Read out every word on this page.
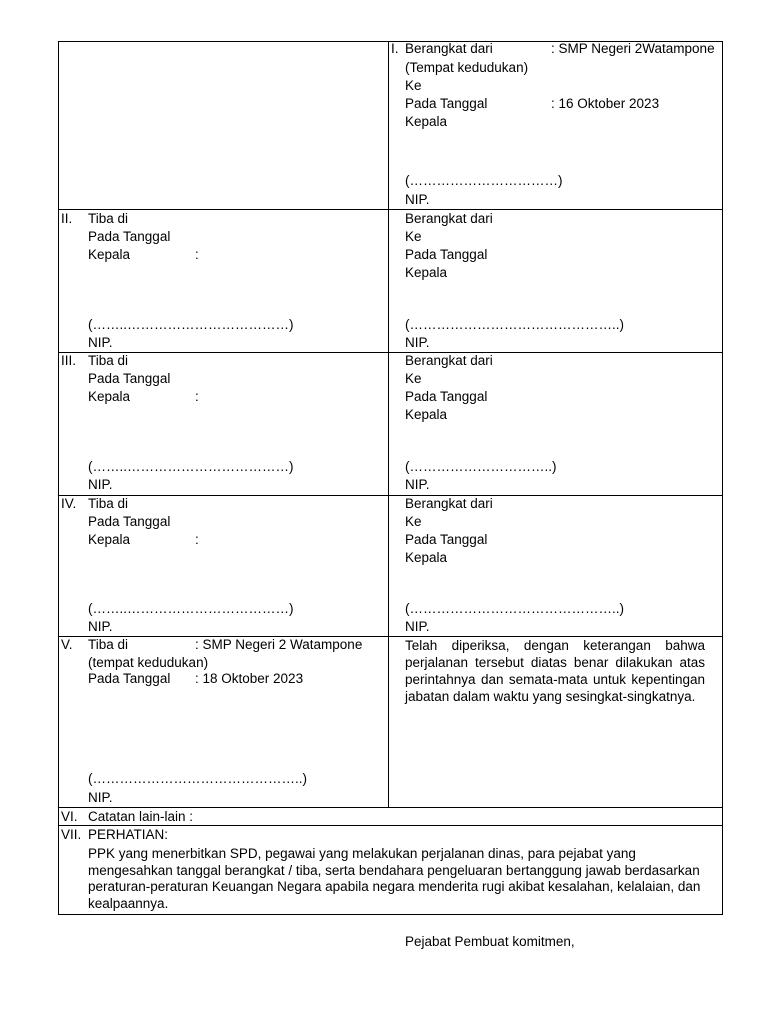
I. Berangkat dari	: SMP Negeri 2Watampone
(Tempat kedudukan)
Ke
Pada Tanggal	: 16 Oktober 2023
Kepala
(……………………………)
NIP.
II. Tiba di
Pada Tanggal
Kepala	:
(……..………………………………)
NIP.
Berangkat dari
Ke
Pada Tanggal
Kepala
(………………………………………..)
NIP.
III. Tiba di
Pada Tanggal
Kepala	:
(……..………………………………)
NIP.
Berangkat dari
Ke
Pada Tanggal
Kepala
(…………………………..)
NIP.
IV. Tiba di
Pada Tanggal
Kepala	:
(……..………………………………)
NIP.
Berangkat dari
Ke
Pada Tanggal
Kepala
(………………………………………..)
NIP.
V. Tiba di	: SMP Negeri 2 Watampone
(tempat kedudukan)
Pada Tanggal : 18 Oktober 2023
(………………………………………..)
NIP.
Telah diperiksa, dengan keterangan bahwa perjalanan tersebut diatas benar dilakukan atas perintahnya dan semata-mata untuk kepentingan jabatan dalam waktu yang sesingkat-singkatnya.
VI. Catatan lain-lain :
VII. PERHATIAN:
PPK yang menerbitkan SPD, pegawai yang melakukan perjalanan dinas, para pejabat yang mengesahkan tanggal berangkat / tiba, serta bendahara pengeluaran bertanggung jawab berdasarkan peraturan-peraturan Keuangan Negara apabila negara menderita rugi akibat kesalahan, kelalaian, dan kealpaannya.
Pejabat Pembuat komitmen,
